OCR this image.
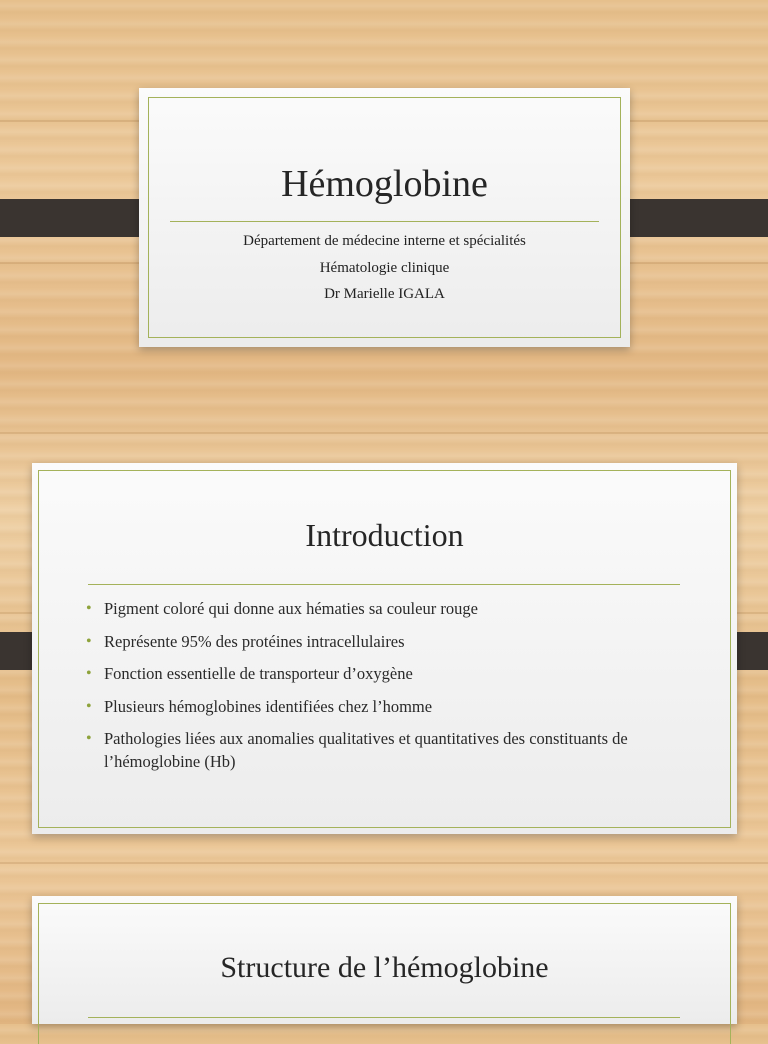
Hémoglobine
Département de médecine interne et spécialités
Hématologie clinique
Dr Marielle IGALA
Introduction
• Pigment coloré qui donne aux hématies sa couleur rouge
• Représente 95% des protéines intracellulaires
• Fonction essentielle de transporteur d’oxygène
• Plusieurs hémoglobines identifiées chez l’homme
• Pathologies liées aux anomalies qualitatives et quantitatives des constituants de l’hémoglobine (Hb)
Structure de l’hémoglobine
